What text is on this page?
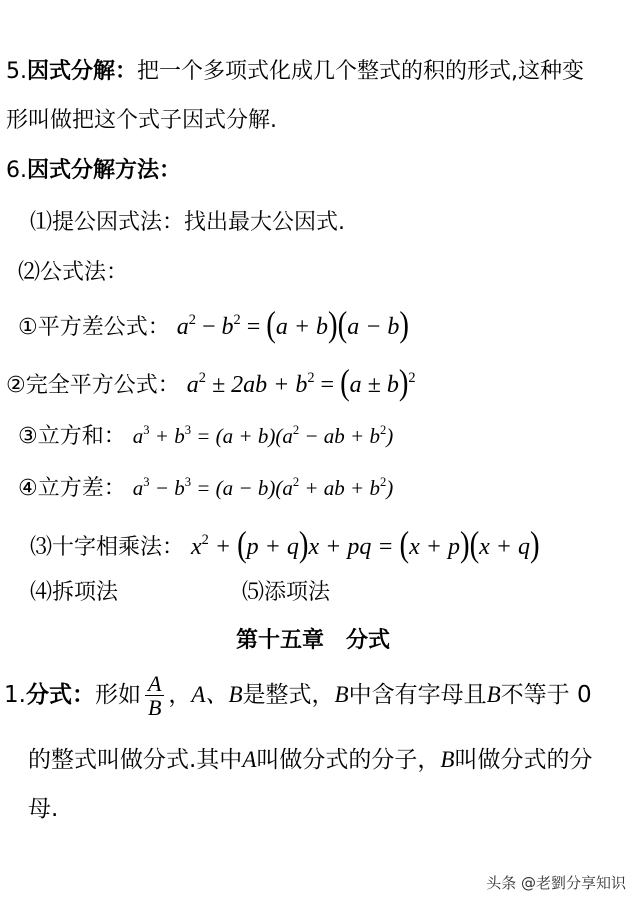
5.因式分解：把一个多项式化成几个整式的积的形式,这种变
形叫做把这个式子因式分解.
6.因式分解方法：
⑴提公因式法：找出最大公因式.
⑵公式法：
①平方差公式： $a^2 - b^2 = (a + b)(a - b)$
②完全平方公式： $a^2 \pm 2ab + b^2 = (a \pm b)^2$
③立方和： $a^3 + b^3 = (a + b)(a^2$ − ab + $b^2$)
④立方差： $a^3 - b^3 = (a - b)(a^2$ + ab + $b^2$)
⑶十字相乘法： $x^2 + (p + q)x$ + pq = (x + p)(x + q)
⑷拆项法	⑸添项法
第十五章　分式
1.分式：形如 $\frac{A}{B}$ ，A、B是整式，B中含有字母且B不等于 0
的整式叫做分式.其中A叫做分式的分子，B叫做分式的分
母.
头条 @老劉分享知识
